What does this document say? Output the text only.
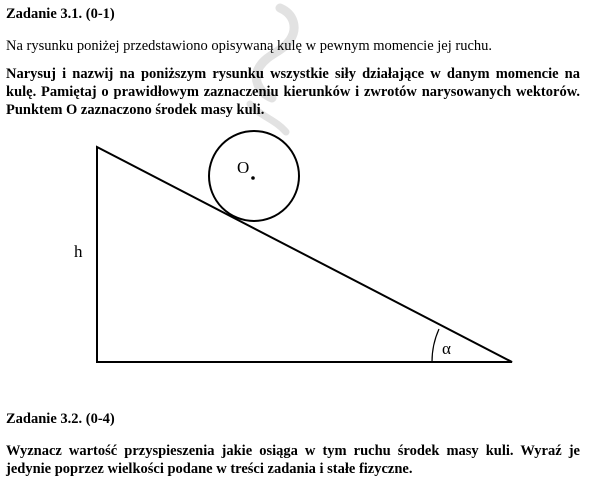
Zadanie 3.1. (0-1)

Na rysunku poniżej przedstawiono opisywaną kulę w pewnym momencie jej ruchu.

Narysuj i nazwij na poniższym rysunku wszystkie siły działające w danym momencie na kulę. Pamiętaj o prawidłowym zaznaczeniu kierunków i zwrotów narysowanych wektorów. Punktem O zaznaczono środek masy kuli.

O
h
α
Zadanie 3.2. (0-4)

Wyznacz wartość przyspieszenia jakie osiąga w tym ruchu środek masy kuli. Wyraź je jedynie poprzez wielkości podane w treści zadania i stałe fizyczne.
